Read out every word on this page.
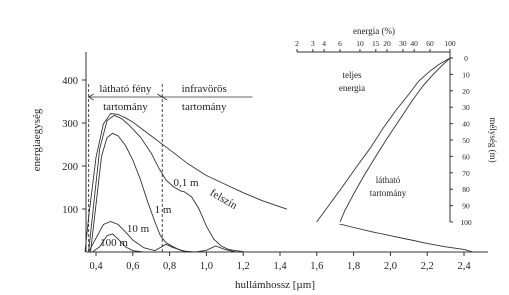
látható fény
tartomány
infravörös
tartomány
0,4 0,6 0,8 1,0 1,2 1,4 1,6 1,8 2,0 2,2 2,4
100
200
300
400
felszín
0,1 m
1 m
10 m
100 m
hullámhossz [µm]
energiaegység
2 3 4 6 10 15 20 30 40 60 100
0
10
20
30
40
50
60
70
80
90
100
teljes
energia
látható
tartomány
energia (%)
mélység (m)
